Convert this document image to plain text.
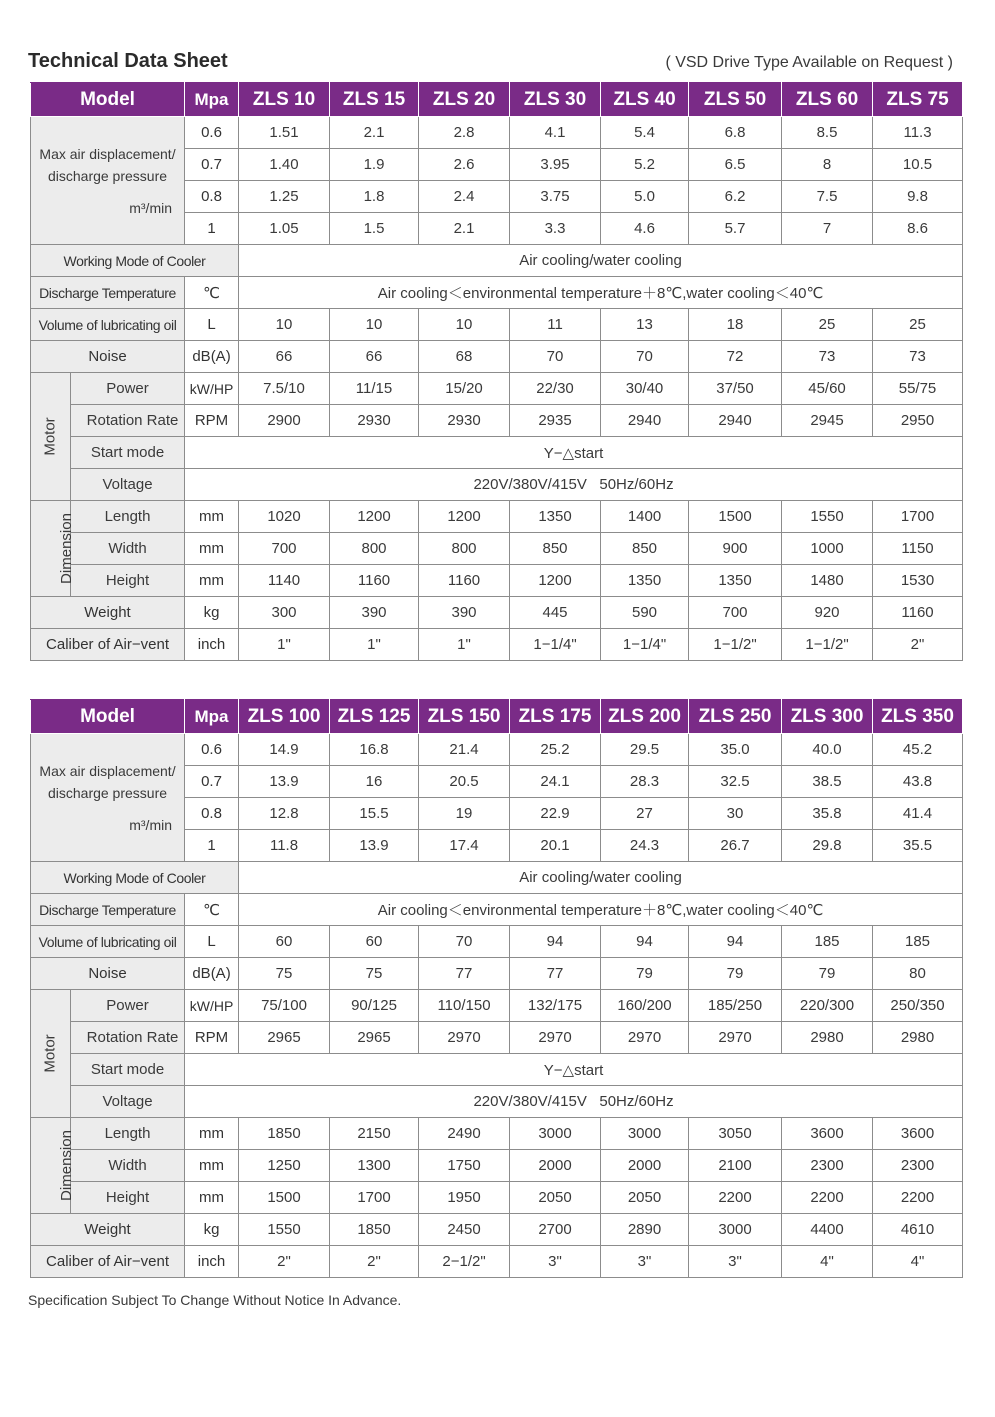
Technical Data Sheet	( VSD Drive Type Available on Request )
Model		Mpa	ZLS 10	ZLS 15	ZLS 20	ZLS 30	ZLS 40	ZLS 50	ZLS 60	ZLS 75

Max air displacement/
discharge pressure
m³/min		0.6	1.51	2.1	2.8	4.1	5.4	6.8	8.5	11.3
		0.7	1.40	1.9	2.6	3.95	5.2	6.5	8	10.5
		0.8	1.25	1.8	2.4	3.75	5.0	6.2	7.5	9.8
		1	1.05	1.5	2.1	3.3	4.6	5.7	7	8.6
Working Mode of Cooler			Air cooling/water cooling							
Discharge Temperature		℃	Air cooling＜environmental temperature＋8℃,water cooling＜40℃							
Volume of lubricating oil		L	10	10	10	11	13	18	25	25
Noise		dB(A)	66	66	68	70	70	72	73	73
Motor	Power	kW/HP	7.5/10	11/15	15/20	22/30	30/40	37/50	45/60	55/75
	Rotation Rate	RPM	2900	2930	2930	2935	2940	2940	2945	2950
	Start mode	Y−△start								
	Voltage	220V/380V/415V   50Hz/60Hz								
Dimension	Length	mm	1020	1200	1200	1350	1400	1500	1550	1700
	Width	mm	700	800	800	850	850	900	1000	1150
	Height	mm	1140	1160	1160	1200	1350	1350	1480	1530
Weight		kg	300	390	390	445	590	700	920	1160
Caliber of Air−vent		inch	1"	1"	1"	1−1/4"	1−1/4"	1−1/2"	1−1/2"	2"
Model		Mpa	ZLS 100	ZLS 125	ZLS 150	ZLS 175	ZLS 200	ZLS 250	ZLS 300	ZLS 350

Max air displacement/
discharge pressure
m³/min		0.6	14.9	16.8	21.4	25.2	29.5	35.0	40.0	45.2
		0.7	13.9	16	20.5	24.1	28.3	32.5	38.5	43.8
		0.8	12.8	15.5	19	22.9	27	30	35.8	41.4
		1	11.8	13.9	17.4	20.1	24.3	26.7	29.8	35.5
Working Mode of Cooler			Air cooling/water cooling							
Discharge Temperature		℃	Air cooling＜environmental temperature＋8℃,water cooling＜40℃							
Volume of lubricating oil		L	60	60	70	94	94	94	185	185
Noise		dB(A)	75	75	77	77	79	79	79	80
Motor	Power	kW/HP	75/100	90/125	110/150	132/175	160/200	185/250	220/300	250/350
	Rotation Rate	RPM	2965	2965	2970	2970	2970	2970	2980	2980
	Start mode	Y−△start								
	Voltage	220V/380V/415V   50Hz/60Hz								
Dimension	Length	mm	1850	2150	2490	3000	3000	3050	3600	3600
	Width	mm	1250	1300	1750	2000	2000	2100	2300	2300
	Height	mm	1500	1700	1950	2050	2050	2200	2200	2200
Weight		kg	1550	1850	2450	2700	2890	3000	4400	4610
Caliber of Air−vent		inch	2"	2"	2−1/2"	3"	3"	3"	4"	4"
Specification Subject To Change Without Notice In Advance.
